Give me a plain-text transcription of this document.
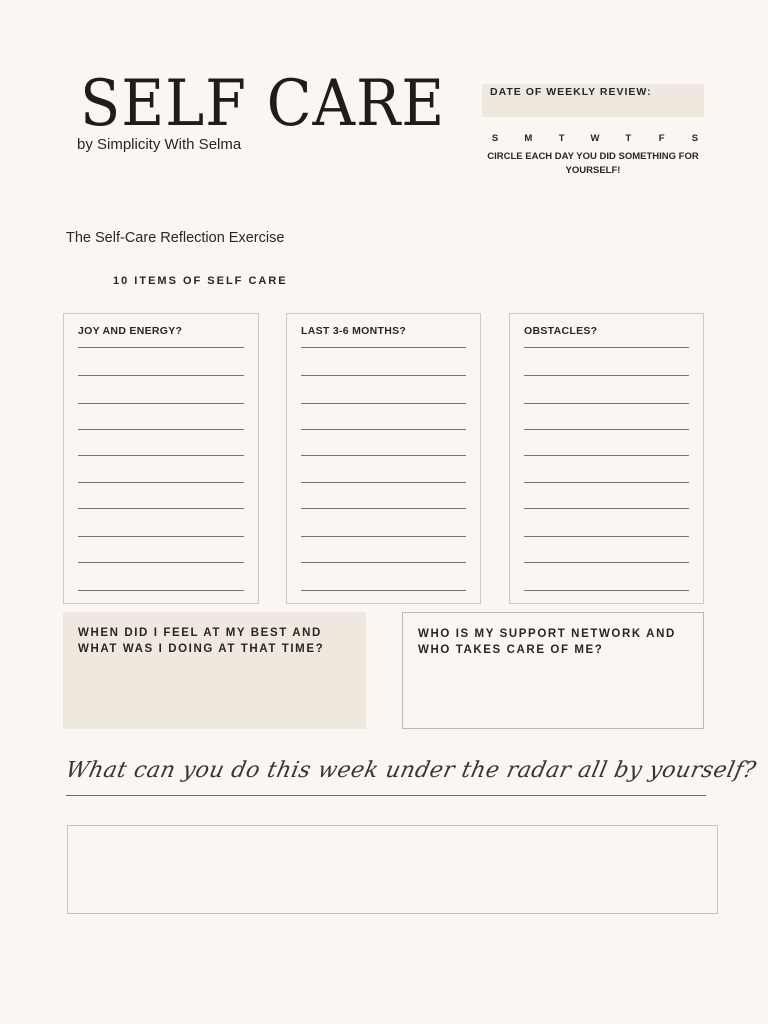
SELF CARE
by Simplicity With Selma
DATE OF WEEKLY REVIEW:
S	M	T	W	T	F	S
CIRCLE EACH DAY YOU DID SOMETHING FOR YOURSELF!
The Self-Care Reflection Exercise
10 ITEMS OF SELF CARE
JOY AND ENERGY?	LAST 3-6 MONTHS?	OBSTACLES?
WHEN DID I FEEL AT MY BEST AND WHAT WAS I DOING AT THAT TIME?
WHO IS MY SUPPORT NETWORK AND WHO TAKES CARE OF ME?
What can you do this week under the radar all by yourself?
